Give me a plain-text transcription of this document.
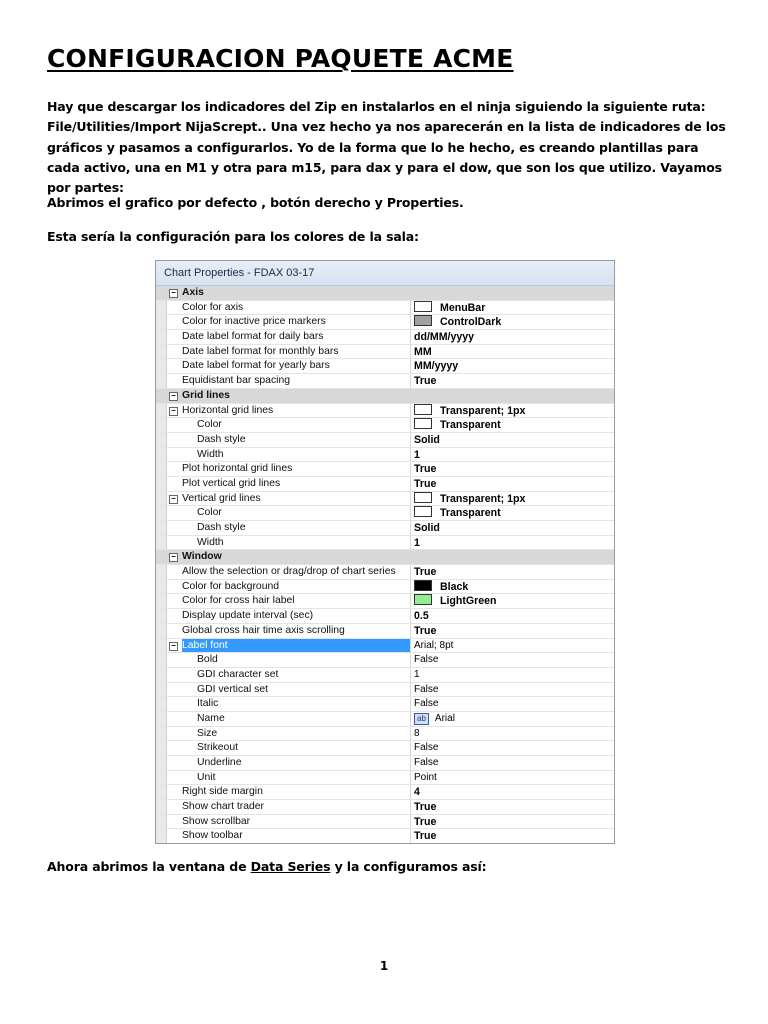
CONFIGURACION PAQUETE ACME
Hay que descargar los indicadores del Zip en instalarlos en el ninja siguiendo la siguiente ruta: File/Utilities/Import NijaScrept.. Una vez hecho ya nos aparecerán en la lista de indicadores de los gráficos y pasamos a configurarlos. Yo de la forma que lo he hecho, es creando plantillas para cada activo, una en M1 y otra para m15, para dax y para el dow, que son los que utilizo. Vayamos por partes:
Abrimos el grafico por defecto , botón derecho y Properties.
Esta sería la configuración para los colores de la sala:
Chart Properties - FDAX 03-17
− Axis
Color for axis	MenuBar
Color for inactive price markers	ControlDark
Date label format for daily bars	dd/MM/yyyy
Date label format for monthly bars	MM
Date label format for yearly bars	MM/yyyy
Equidistant bar spacing	True
− Grid lines
− Horizontal grid lines	Transparent; 1px
Color	Transparent
Dash style	Solid
Width	1
Plot horizontal grid lines	True
Plot vertical grid lines	True
− Vertical grid lines	Transparent; 1px
Color	Transparent
Dash style	Solid
Width	1
− Window
Allow the selection or drag/drop of chart series	True
Color for background	Black
Color for cross hair label	LightGreen
Display update interval (sec)	0.5
Global cross hair time axis scrolling	True
− Label font	Arial; 8pt
Bold	False
GDI character set	1
GDI vertical set	False
Italic	False
Name	ab Arial
Size	8
Strikeout	False
Underline	False
Unit	Point
Right side margin	4
Show chart trader	True
Show scrollbar	True
Show toolbar	True
Ahora abrimos la ventana de Data Series y la configuramos así:
1
